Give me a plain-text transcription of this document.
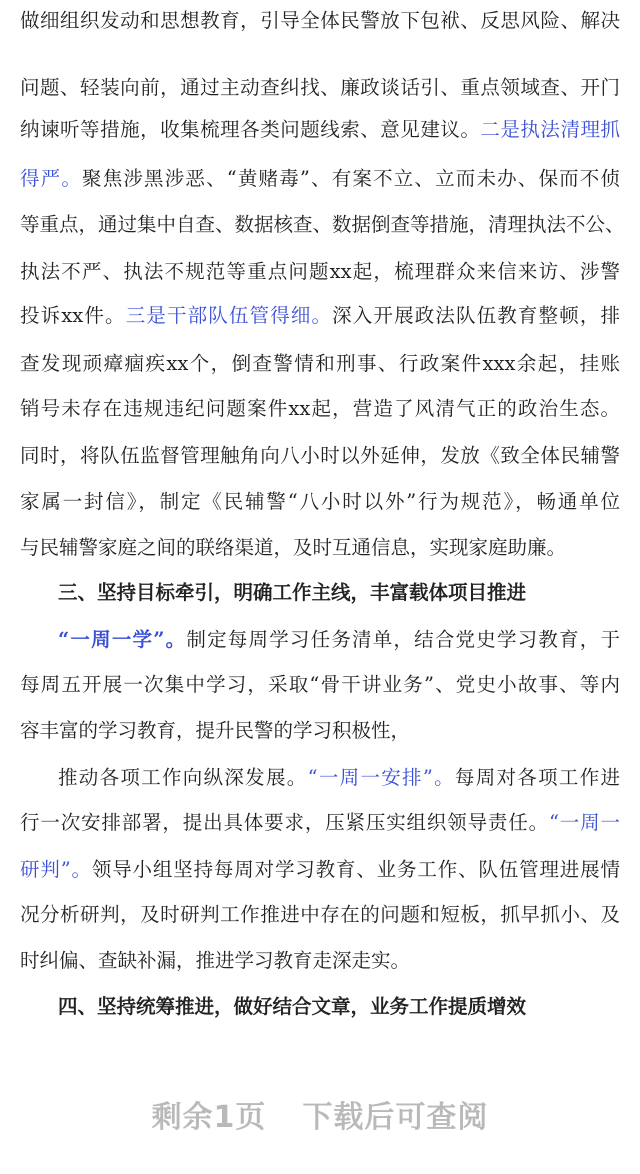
做细组织发动和思想教育，引导全体民警放下包袱、反思风险、解决
问题、轻装向前，通过主动查纠找、廉政谈话引、重点领域查、开门
纳谏听等措施，收集梳理各类问题线索、意见建议。二是执法清理抓
得严。聚焦涉黑涉恶、“黄赌毒”、有案不立、立而未办、保而不侦
等重点，通过集中自查、数据核查、数据倒查等措施，清理执法不公、
执法不严、执法不规范等重点问题xx起，梳理群众来信来访、涉警
投诉xx件。三是干部队伍管得细。深入开展政法队伍教育整顿，排
查发现顽瘴痼疾xx个，倒查警情和刑事、行政案件xxx余起，挂账
销号未存在违规违纪问题案件xx起，营造了风清气正的政治生态。
同时，将队伍监督管理触角向八小时以外延伸，发放《致全体民辅警
家属一封信》，制定《民辅警“八小时以外”行为规范》，畅通单位
与民辅警家庭之间的联络渠道，及时互通信息，实现家庭助廉。
三、坚持目标牵引，明确工作主线，丰富载体项目推进
“一周一学”。制定每周学习任务清单，结合党史学习教育，于
每周五开展一次集中学习，采取“骨干讲业务”、党史小故事、等内
容丰富的学习教育，提升民警的学习积极性，
推动各项工作向纵深发展。“一周一安排”。每周对各项工作进
行一次安排部署，提出具体要求，压紧压实组织领导责任。“一周一
研判”。领导小组坚持每周对学习教育、业务工作、队伍管理进展情
况分析研判，及时研判工作推进中存在的问题和短板，抓早抓小、及
时纠偏、查缺补漏，推进学习教育走深走实。
四、坚持统筹推进，做好结合文章，业务工作提质增效
剩余1页 下载后可查阅
